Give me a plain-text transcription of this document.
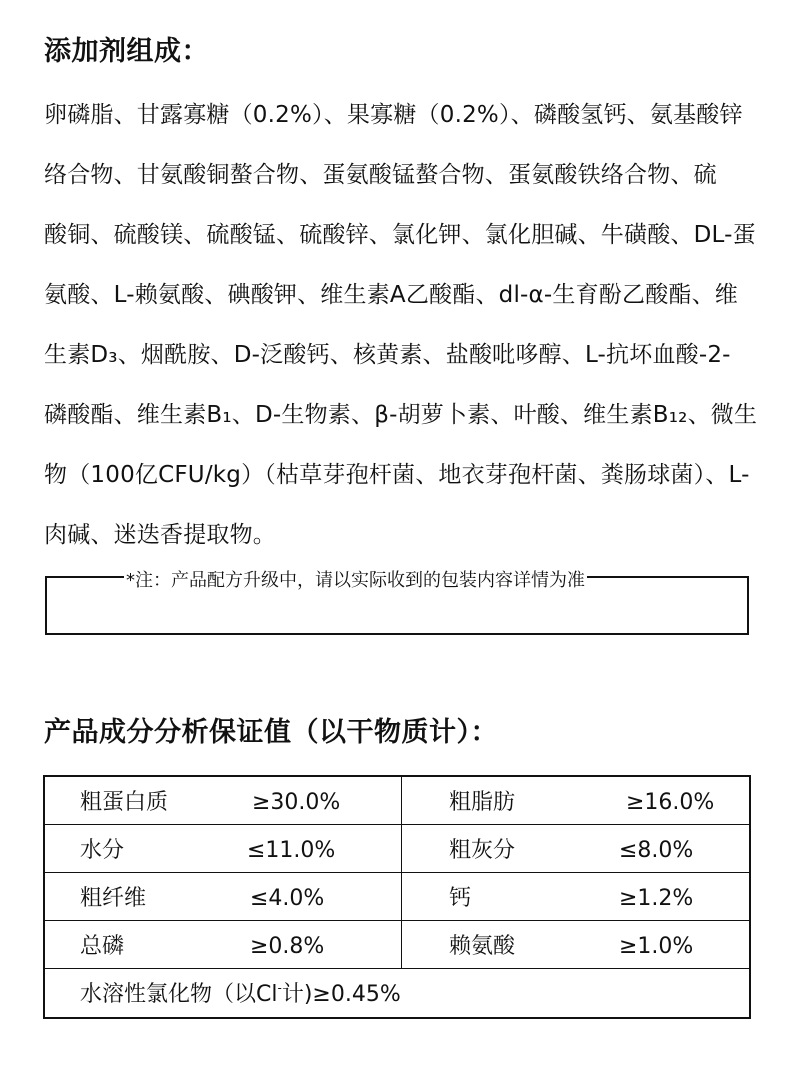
添加剂组成：
卵磷脂、甘露寡糖（0.2%）、果寡糖（0.2%）、磷酸氢钙、氨基酸锌
络合物、甘氨酸铜螯合物、蛋氨酸锰螯合物、蛋氨酸铁络合物、硫
酸铜、硫酸镁、硫酸锰、硫酸锌、氯化钾、氯化胆碱、牛磺酸、DL-蛋
氨酸、L-赖氨酸、碘酸钾、维生素A乙酸酯、dl-α-生育酚乙酸酯、维
生素D₃、烟酰胺、D-泛酸钙、核黄素、盐酸吡哆醇、L-抗坏血酸-2-
磷酸酯、维生素B₁、D-生物素、β-胡萝卜素、叶酸、维生素B₁₂、微生
物（100亿CFU/kg）（枯草芽孢杆菌、地衣芽孢杆菌、粪肠球菌）、L-
肉碱、迷迭香提取物。
*注：产品配方升级中，请以实际收到的包装内容详情为准
产品成分分析保证值（以干物质计）：
粗蛋白质	≥30.0%	粗脂肪	≥16.0%
水分	≤11.0%	粗灰分	≤8.0%
粗纤维	≤4.0%	钙	≥1.2%
总磷	≥0.8%	赖氨酸	≥1.0%
水溶性氯化物（以Cl-计)≥0.45%
